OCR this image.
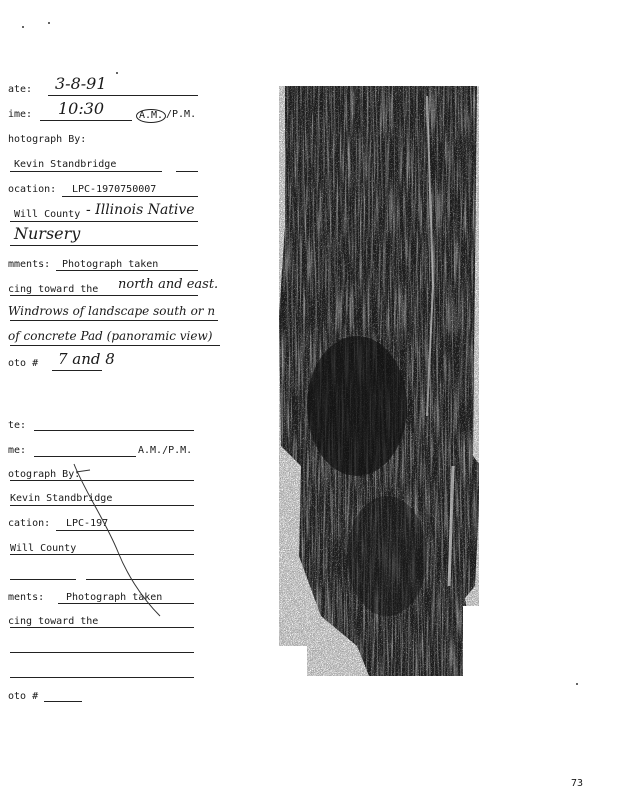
ate: 3-8-91
ime: 10:30	A.M. /P.M.
hotograph By:
Kevin Standbridge
ocation: LPC-1970750007
Will County - Illinois Native
Nursery
mments: Photograph taken
cing toward the north and east.
Windrows of landscape south or n
of concrete Pad (panoramic view)
oto # 7 and 8
te:
me:	A.M./P.M.
otograph By:
Kevin Standbridge
cation: LPC-197
Will County
ments: Photograph taken
cing toward the
oto #
73
